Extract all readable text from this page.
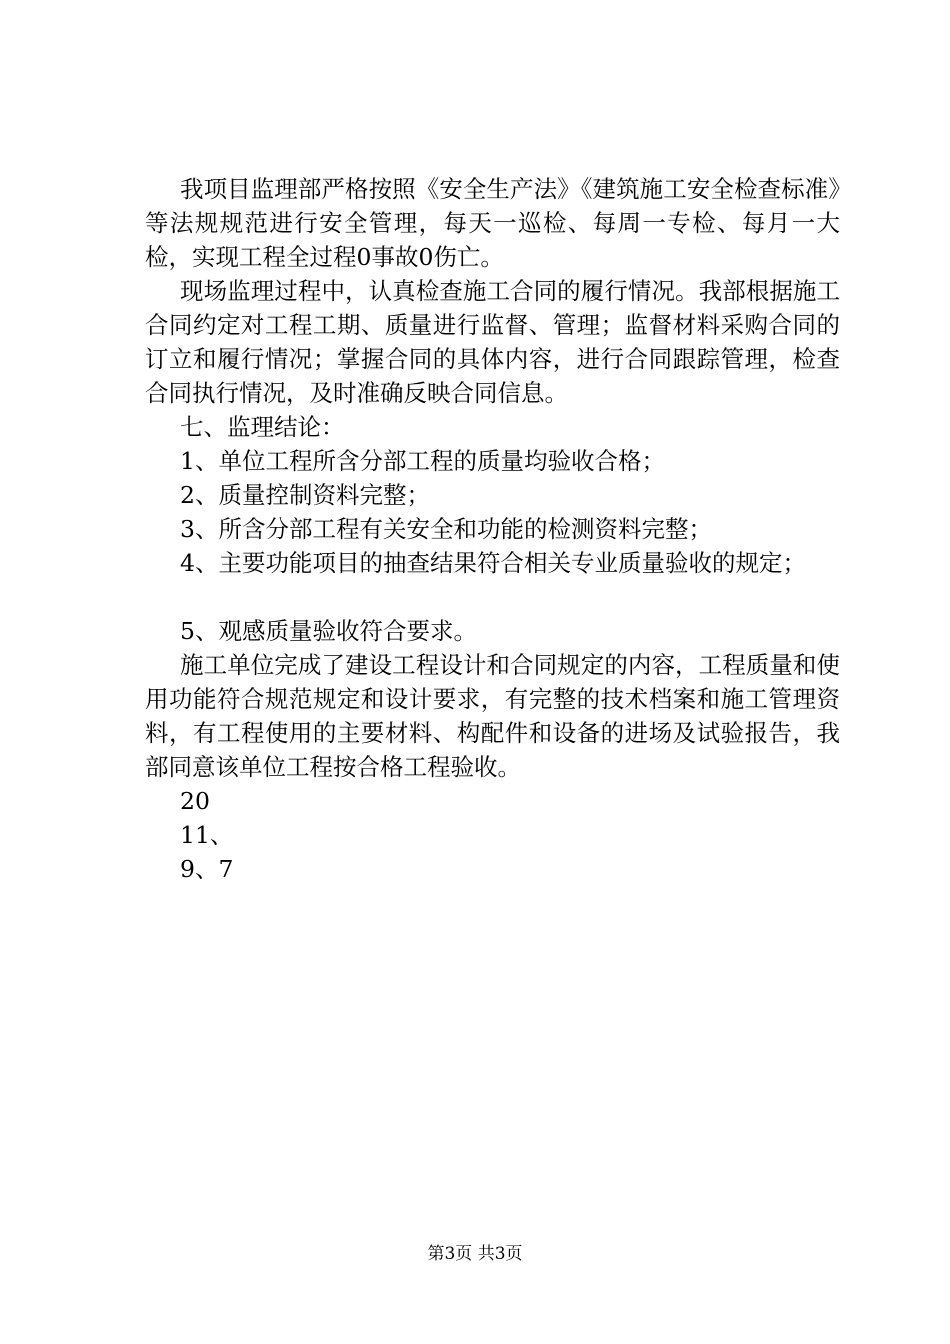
我项目监理部严格按照《安全生产法》《建筑施工安全检查标准》等法规规范进行安全管理，每天一巡检、每周一专检、每月一大检，实现工程全过程0事故0伤亡。

现场监理过程中，认真检查施工合同的履行情况。我部根据施工合同约定对工程工期、质量进行监督、管理；监督材料采购合同的订立和履行情况；掌握合同的具体内容，进行合同跟踪管理，检查合同执行情况，及时准确反映合同信息。

七、监理结论：

1、单位工程所含分部工程的质量均验收合格；

2、质量控制资料完整；

3、所含分部工程有关安全和功能的检测资料完整；

4、主要功能项目的抽查结果符合相关专业质量验收的规定；

5、观感质量验收符合要求。

施工单位完成了建设工程设计和合同规定的内容，工程质量和使用功能符合规范规定和设计要求，有完整的技术档案和施工管理资料，有工程使用的主要材料、构配件和设备的进场及试验报告，我部同意该单位工程按合格工程验收。

20

11、

9、7

第3页 共3页
